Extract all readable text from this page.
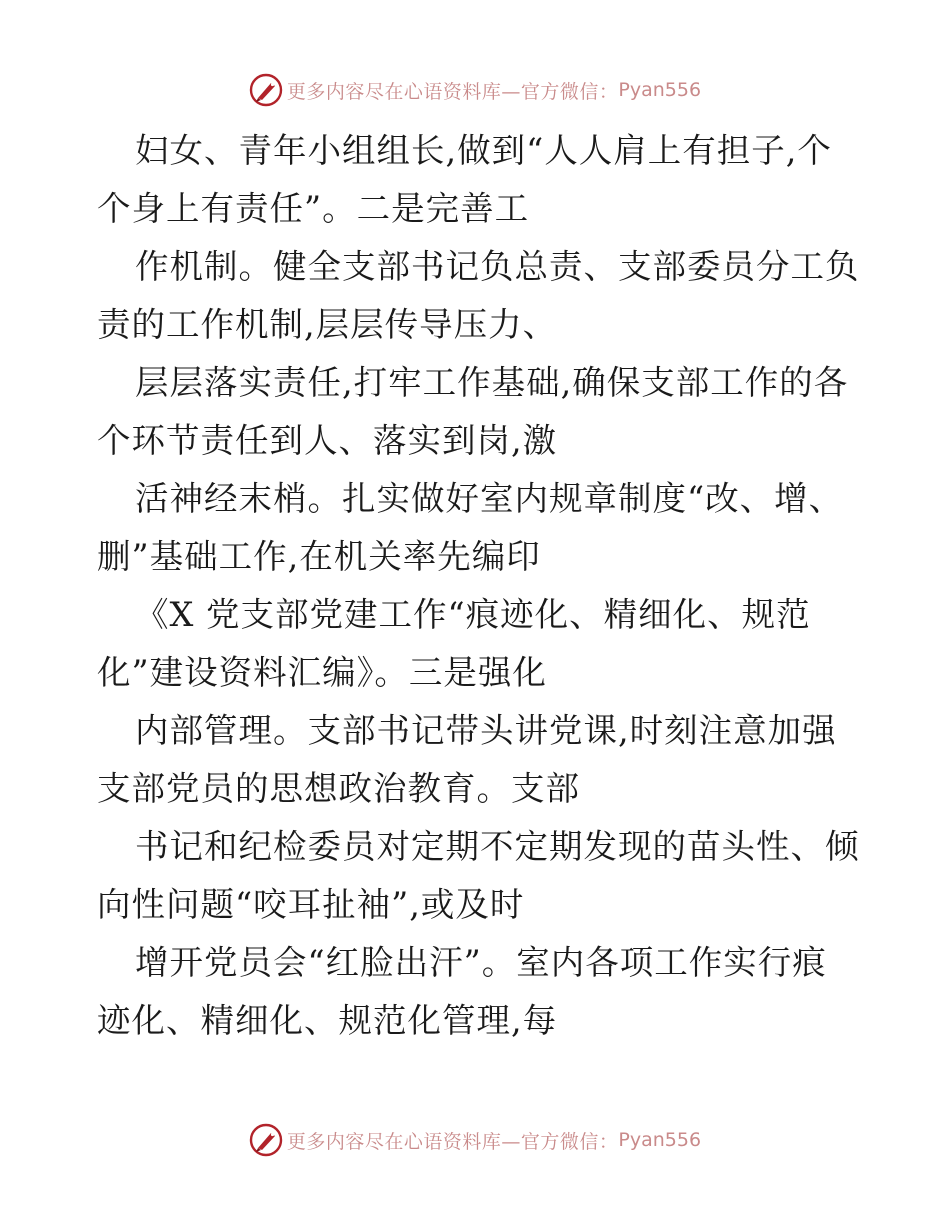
更多内容尽在心语资料库—官方微信： Pyan556
妇女、青年小组组长,做到“人人肩上有担子,个
个身上有责任”。二是完善工
作机制。健全支部书记负总责、支部委员分工负
责的工作机制,层层传导压力、
层层落实责任,打牢工作基础,确保支部工作的各
个环节责任到人、落实到岗,激
活神经末梢。扎实做好室内规章制度“改、增、
删”基础工作,在机关率先编印
《X 党支部党建工作“痕迹化、精细化、规范
化”建设资料汇编》。三是强化
内部管理。支部书记带头讲党课,时刻注意加强
支部党员的思想政治教育。支部
书记和纪检委员对定期不定期发现的苗头性、倾
向性问题“咬耳扯袖”,或及时
增开党员会“红脸出汗”。室内各项工作实行痕
迹化、精细化、规范化管理,每
更多内容尽在心语资料库—官方微信： Pyan556
